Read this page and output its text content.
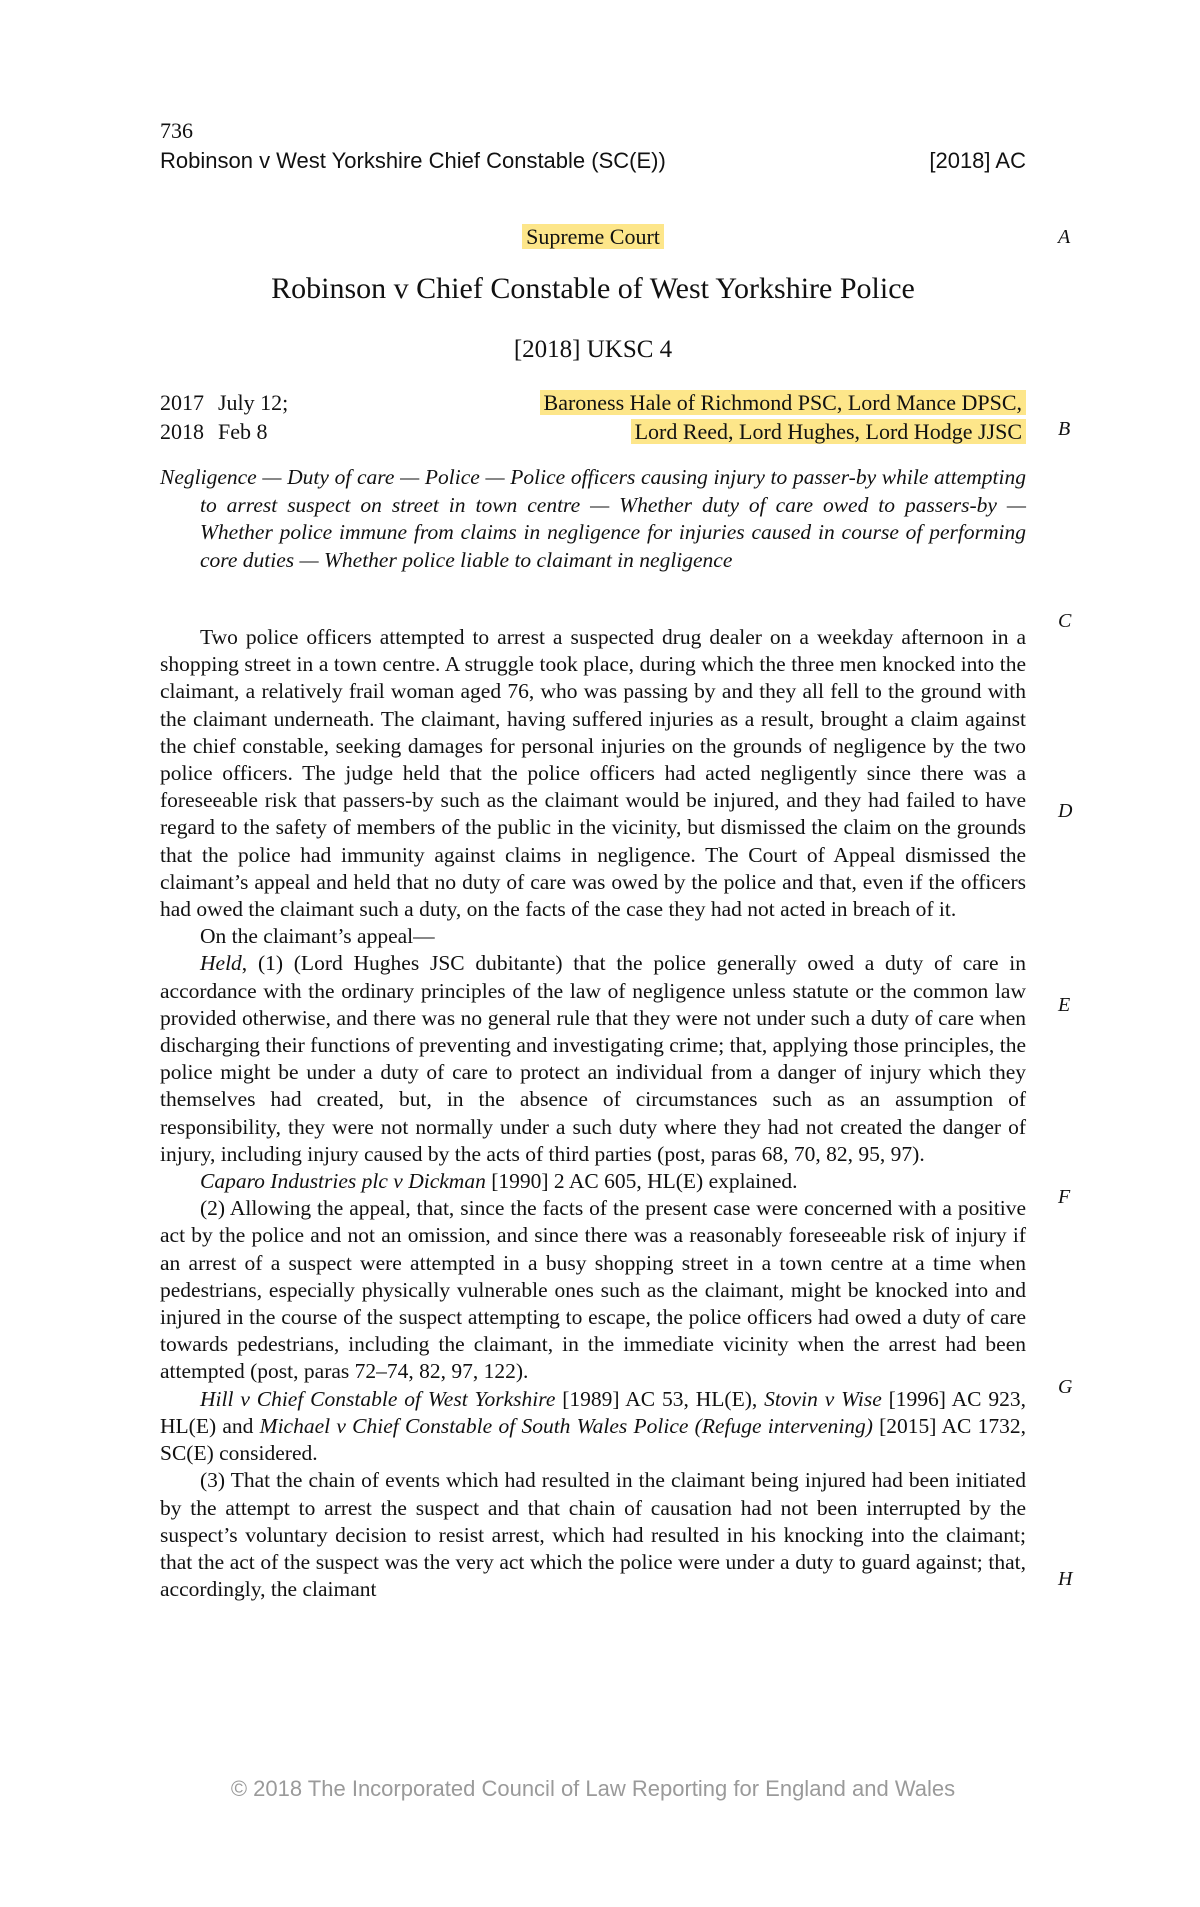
736
Robinson v West Yorkshire Chief Constable (SC(E))	[2018] AC
Supreme Court
Robinson v Chief Constable of West Yorkshire Police
[2018] UKSC 4
2017 July 12;
2018 Feb 8
Baroness Hale of Richmond PSC, Lord Mance DPSC,
Lord Reed, Lord Hughes, Lord Hodge JJSC
Negligence — Duty of care — Police — Police officers causing injury to passer-by while attempting to arrest suspect on street in town centre — Whether duty of care owed to passers-by — Whether police immune from claims in negligence for injuries caused in course of performing core duties — Whether police liable to claimant in negligence

Two police officers attempted to arrest a suspected drug dealer on a weekday afternoon in a shopping street in a town centre. A struggle took place, during which the three men knocked into the claimant, a relatively frail woman aged 76, who was passing by and they all fell to the ground with the claimant underneath. The claimant, having suffered injuries as a result, brought a claim against the chief constable, seeking damages for personal injuries on the grounds of negligence by the two police officers. The judge held that the police officers had acted negligently since there was a foreseeable risk that passers-by such as the claimant would be injured, and they had failed to have regard to the safety of members of the public in the vicinity, but dismissed the claim on the grounds that the police had immunity against claims in negligence. The Court of Appeal dismissed the claimant’s appeal and held that no duty of care was owed by the police and that, even if the officers had owed the claimant such a duty, on the facts of the case they had not acted in breach of it.

On the claimant’s appeal—

Held, (1) (Lord Hughes JSC dubitante) that the police generally owed a duty of care in accordance with the ordinary principles of the law of negligence unless statute or the common law provided otherwise, and there was no general rule that they were not under such a duty of care when discharging their functions of preventing and investigating crime; that, applying those principles, the police might be under a duty of care to protect an individual from a danger of injury which they themselves had created, but, in the absence of circumstances such as an assumption of responsibility, they were not normally under a such duty where they had not created the danger of injury, including injury caused by the acts of third parties (post, paras 68, 70, 82, 95, 97).

Caparo Industries plc v Dickman [1990] 2 AC 605, HL(E) explained.

(2) Allowing the appeal, that, since the facts of the present case were concerned with a positive act by the police and not an omission, and since there was a reasonably foreseeable risk of injury if an arrest of a suspect were attempted in a busy shopping street in a town centre at a time when pedestrians, especially physically vulnerable ones such as the claimant, might be knocked into and injured in the course of the suspect attempting to escape, the police officers had owed a duty of care towards pedestrians, including the claimant, in the immediate vicinity when the arrest had been attempted (post, paras 72–74, 82, 97, 122).

Hill v Chief Constable of West Yorkshire [1989] AC 53, HL(E), Stovin v Wise [1996] AC 923, HL(E) and Michael v Chief Constable of South Wales Police (Refuge intervening) [2015] AC 1732, SC(E) considered.

(3) That the chain of events which had resulted in the claimant being injured had been initiated by the attempt to arrest the suspect and that chain of causation had not been interrupted by the suspect’s voluntary decision to resist arrest, which had resulted in his knocking into the claimant; that the act of the suspect was the very act which the police were under a duty to guard against; that, accordingly, the claimant

A
B
C
D
E
F
G
H
© 2018 The Incorporated Council of Law Reporting for England and Wales
